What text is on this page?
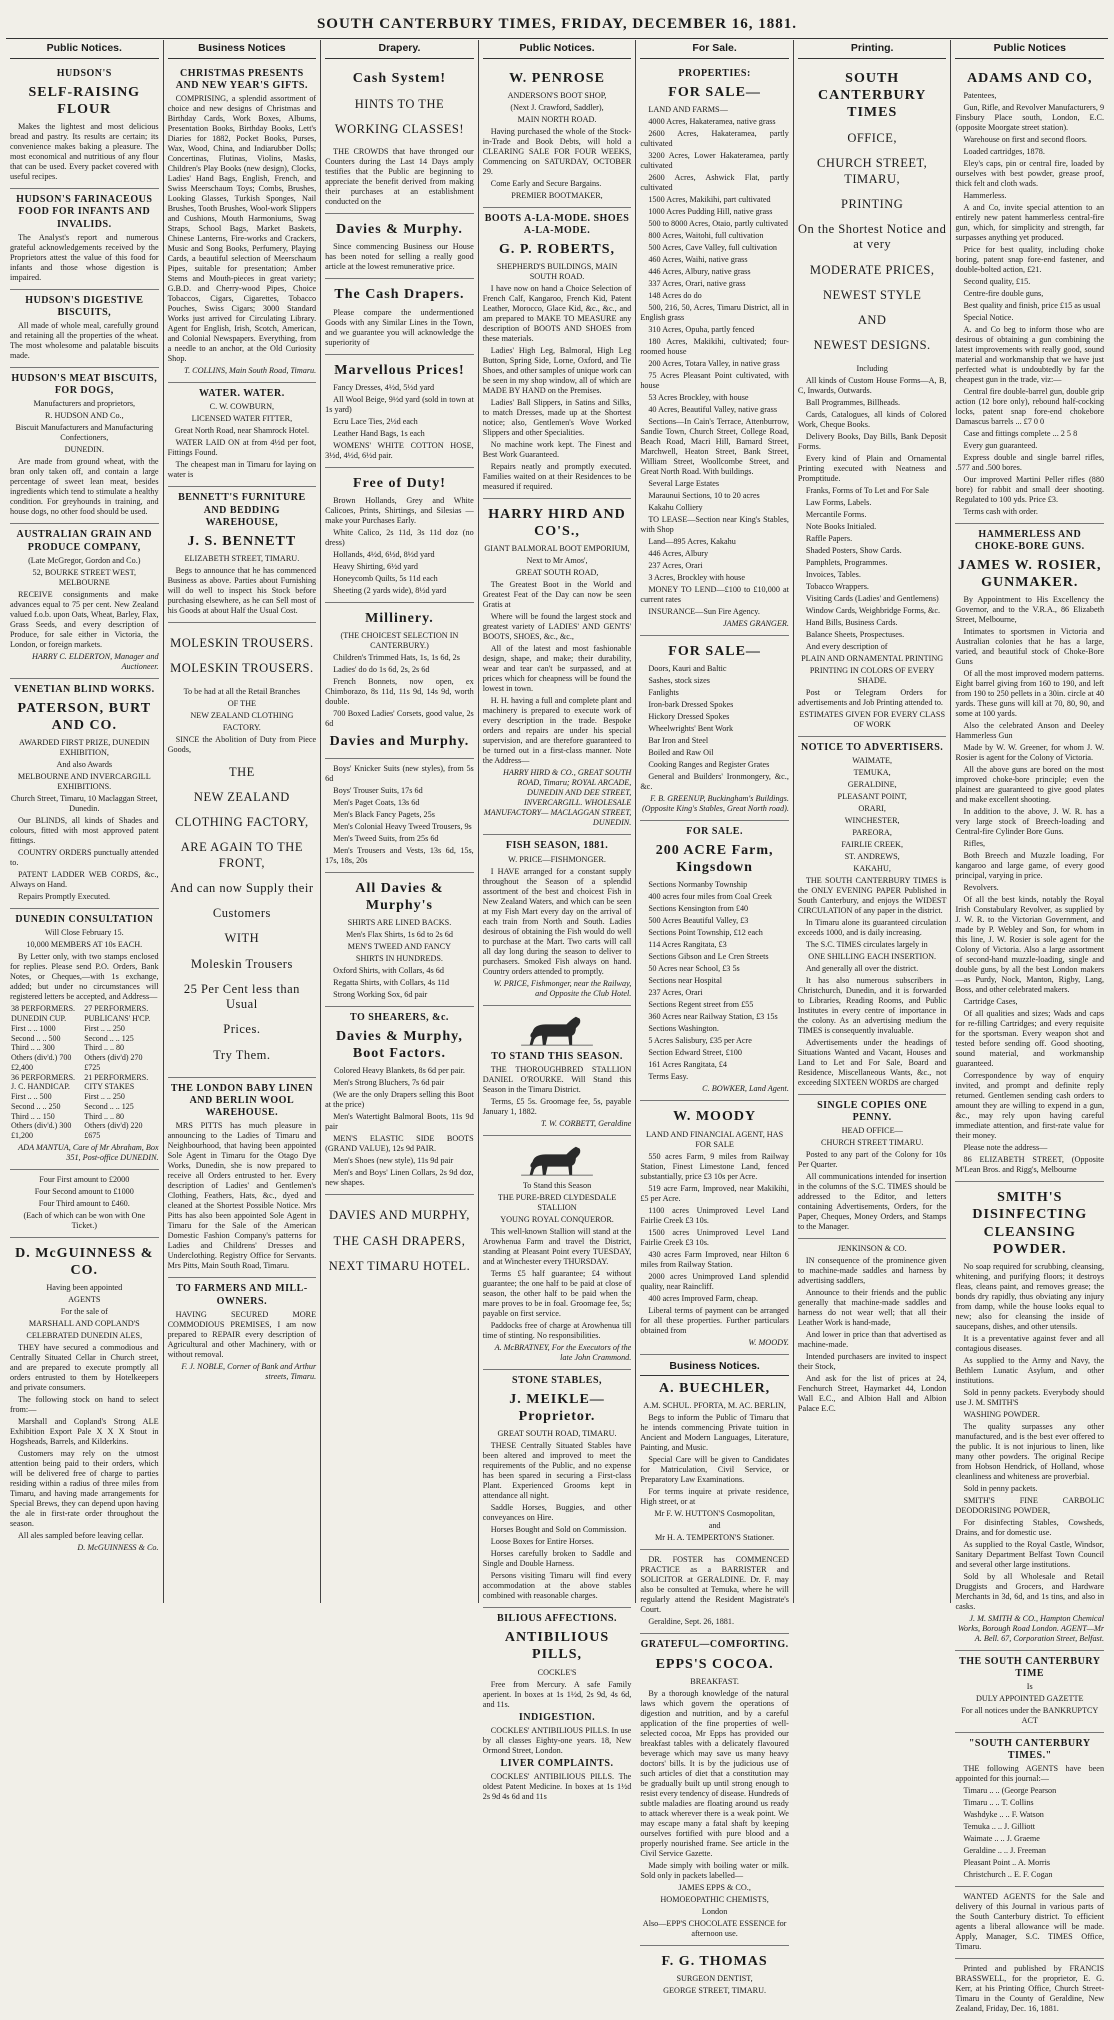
SOUTH CANTERBURY TIMES, FRIDAY, DECEMBER 16, 1881.
Public Notices.
HUDSON'S
SELF-RAISING FLOUR
Makes the lightest and most delicious bread and pastry. Its results are certain; its convenience makes baking a pleasure. The most economical and nutritious of any flour that can be used. Every packet covered with useful recipes.
HUDSON'S FARINACEOUS FOOD FOR INFANTS AND INVALIDS.
The Analyst's report and numerous grateful acknowledgements received by the Proprietors attest the value of this food for infants and those whose digestion is impaired.
HUDSON'S DIGESTIVE BISCUITS,
All made of whole meal, carefully ground and retaining all the properties of the wheat. The most wholesome and palatable biscuits made.
HUDSON'S MEAT BISCUITS, FOR DOGS,
Manufacturers and proprietors,
R. HUDSON AND Co.,
Biscuit Manufacturers and Manufacturing Confectioners,
DUNEDIN.
Are made from ground wheat, with the bran only taken off, and contain a large percentage of sweet lean meat, besides ingredients which tend to stimulate a healthy condition. For greyhounds in training, and house dogs, no other food should be used.
AUSTRALIAN GRAIN AND PRODUCE COMPANY,
(Late McGregor, Gordon and Co.)
52, BOURKE STREET WEST, MELBOURNE
RECEIVE consignments and make advances equal to 75 per cent. New Zealand valued f.o.b. upon Oats, Wheat, Barley, Flax, Grass Seeds, and every description of Produce, for sale either in Victoria, the London, or foreign markets.
HARRY C. ELDERTON, Manager and Auctioneer.
VENETIAN BLIND WORKS.
PATERSON, BURT AND CO.
AWARDED FIRST PRIZE, DUNEDIN EXHIBITION,
And also Awards
MELBOURNE AND INVERCARGILL EXHIBITIONS.
Church Street, Timaru, 10 Maclaggan Street, Dunedin.
Our BLINDS, all kinds of Shades and colours, fitted with most approved patent fittings.
COUNTRY ORDERS punctually attended to.
PATENT LADDER WEB CORDS, &c., Always on Hand.
Repairs Promptly Executed.
DUNEDIN CONSULTATION
Will Close February 15.
10,000 MEMBERS AT 10s EACH.
By Letter only, with two stamps enclosed for replies. Please send P.O. Orders, Bank Notes, or Cheques,—with 1s exchange, added; but under no circumstances will registered letters be accepted, and Address—
38 PERFORMERS.	27 PERFORMERS.
DUNEDIN CUP.	PUBLICANS' H'CP.
First .. .. 1000	First .. .. 250
Second .. .. 500	Second .. .. 125
Third .. .. 300	Third .. .. 80
Others (div'd.) 700	Others (div'd) 270
£2,400	£725
36 PERFORMERS.	21 PERFORMERS.
J. C. HANDICAP.	CITY STAKES
First .. .. 500	First .. .. 250
Second .. .. 250	Second .. .. 125
Third .. .. 150	Third .. .. 80
Others (div'd.) 300	Others (div'd) 220
£1,200	£675
ADA MANTUA, Care of Mr Abraham, Box 351, Post-office DUNEDIN.
Four First amount to £2000
Four Second amount to £1000
Four Third amount to £460.
(Each of which can be won with One Ticket.)
D. McGUINNESS & CO.
Having been appointed
AGENTS
For the sale of
MARSHALL AND COPLAND'S
CELEBRATED DUNEDIN ALES,
THEY have secured a commodious and Centrally Situated Cellar in Church street, and are prepared to execute promptly all orders entrusted to them by Hotelkeepers and private consumers.
The following stock on hand to select from:—
Marshall and Copland's Strong ALE Exhibition Export Pale X X X Stout in Hogsheads, Barrels, and Kilderkins.
Customers may rely on the utmost attention being paid to their orders, which will be delivered free of charge to parties residing within a radius of three miles from Timaru, and having made arrangements for Special Brews, they can depend upon having the ale in first-rate order throughout the season.
All ales sampled before leaving cellar.
D. McGUINNESS & Co.
Business Notices
CHRISTMAS PRESENTS AND NEW YEAR'S GIFTS.
COMPRISING, a splendid assortment of choice and new designs of Christmas and Birthday Cards, Work Boxes, Albums, Presentation Books, Birthday Books, Lett's Diaries for 1882, Pocket Books, Purses, Wax, Wood, China, and Indiarubber Dolls; Concertinas, Flutinas, Violins, Masks, Children's Play Books (new design), Clocks, Ladies' Hand Bags, English, French, and Swiss Meerschaum Toys; Combs, Brushes, Looking Glasses, Turkish Sponges, Nail Brushes, Tooth Brushes, Wool-work Slippers and Cushions, Mouth Harmoniums, Swag Straps, School Bags, Market Baskets, Chinese Lanterns, Fire-works and Crackers, Music and Song Books, Perfumery, Playing Cards, a beautiful selection of Meerschaum Pipes, suitable for presentation; Amber Stems and Mouth-pieces in great variety; G.B.D. and Cherry-wood Pipes, Choice Tobaccos, Cigars, Cigarettes, Tobacco Pouches, Swiss Cigars; 3000 Standard Works just arrived for Circulating Library. Agent for English, Irish, Scotch, American, and Colonial Newspapers. Everything, from a needle to an anchor, at the Old Curiosity Shop.
T. COLLINS, Main South Road, Timaru.
WATER. WATER.
C. W. COWBURN,
LICENSED WATER FITTER,
Great North Road, near Shamrock Hotel.
WATER LAID ON at from 4½d per foot, Fittings Found.
The cheapest man in Timaru for laying on water is
BENNETT'S FURNITURE AND BEDDING WAREHOUSE,
J. S. BENNETT
ELIZABETH STREET, TIMARU.
Begs to announce that he has commenced Business as above. Parties about Furnishing will do well to inspect his Stock before purchasing elsewhere, as he can Sell most of his Goods at about Half the Usual Cost.
MOLESKIN TROUSERS.
MOLESKIN TROUSERS.
To be had at all the Retail Branches
OF THE
NEW ZEALAND CLOTHING
FACTORY.
SINCE the Abolition of Duty from Piece Goods,
THE
NEW ZEALAND
CLOTHING FACTORY,
ARE AGAIN TO THE FRONT,
And can now Supply their
Customers
WITH
Moleskin Trousers
25 Per Cent less than Usual
Prices.
Try Them.
THE LONDON BABY LINEN AND BERLIN WOOL WAREHOUSE.
MRS PITTS has much pleasure in announcing to the Ladies of Timaru and Neighbourhood, that having been appointed Sole Agent in Timaru for the Otago Dye Works, Dunedin, she is now prepared to receive all Orders entrusted to her. Every description of Ladies' and Gentlemen's Clothing, Feathers, Hats, &c., dyed and cleaned at the Shortest Possible Notice. Mrs Pitts has also been appointed Sole Agent in Timaru for the Sale of the American Domestic Fashion Company's patterns for Ladies and Childrens' Dresses and Underclothing. Registry Office for Servants. Mrs Pitts, Main South Road, Timaru.
TO FARMERS AND MILL-OWNERS.
HAVING SECURED MORE COMMODIOUS PREMISES, I am now prepared to REPAIR every description of Agricultural and other Machinery, with or without removal.
F. J. NOBLE, Corner of Bank and Arthur streets, Timaru.
Drapery.
Cash System!
HINTS TO THE
WORKING CLASSES!
THE CROWDS that have thronged our Counters during the Last 14 Days amply testifies that the Public are beginning to appreciate the benefit derived from making their purchases at an establishment conducted on the
Davies & Murphy.
Since commencing Business our House has been noted for selling a really good article at the lowest remunerative price.
The Cash Drapers.
Please compare the undermentioned Goods with any Similar Lines in the Town, and we guarantee you will acknowledge the superiority of
Marvellous Prices!
Fancy Dresses, 4½d, 5½d yard
All Wool Beige, 9½d yard (sold in town at 1s yard)
Ecru Lace Ties, 2½d each
Leather Hand Bags, 1s each
WOMENS' WHITE COTTON HOSE, 3½d, 4½d, 6½d pair.
Free of Duty!
Brown Hollands, Grey and White Calicoes, Prints, Shirtings, and Silesias — make your Purchases Early.
White Calico, 2s 11d, 3s 11d doz (no dress)
Hollands, 4½d, 6½d, 8½d yard
Heavy Shirting, 6½d yard
Honeycomb Quilts, 5s 11d each
Sheeting (2 yards wide), 8½d yard
Millinery.
(THE CHOICEST SELECTION IN CANTERBURY.)
Children's Trimmed Hats, 1s, 1s 6d, 2s
Ladies' do do 1s 6d, 2s, 2s 6d
French Bonnets, now open, ex Chimborazo, 8s 11d, 11s 9d, 14s 9d, worth double.
700 Boxed Ladies' Corsets, good value, 2s 6d
Davies and Murphy.
Boys' Knicker Suits (new styles), from 5s 6d
Boys' Trouser Suits, 17s 6d
Men's Paget Coats, 13s 6d
Men's Black Fancy Pagets, 25s
Men's Colonial Heavy Tweed Trousers, 9s
Men's Tweed Suits, from 25s 6d
Men's Trousers and Vests, 13s 6d, 15s, 17s, 18s, 20s
All Davies & Murphy's
SHIRTS ARE LINED BACKS.
Men's Flax Shirts, 1s 6d to 2s 6d
MEN'S TWEED AND FANCY
SHIRTS IN HUNDREDS.
Oxford Shirts, with Collars, 4s 6d
Regatta Shirts, with Collars, 4s 11d
Strong Working Sox, 6d pair
TO SHEARERS, &c.
Davies & Murphy, Boot Factors.
Colored Heavy Blankets, 8s 6d per pair.
Men's Strong Bluchers, 7s 6d pair
(We are the only Drapers selling this Boot at the price)
Men's Watertight Balmoral Boots, 11s 9d pair
MEN'S ELASTIC SIDE BOOTS (GRAND VALUE), 12s 9d PAIR.
Men's Shoes (new style), 11s 9d pair
Men's and Boys' Linen Collars, 2s 9d doz, new shapes.
DAVIES AND MURPHY,
THE CASH DRAPERS,
NEXT TIMARU HOTEL.
Public Notices.
W. PENROSE
ANDERSON'S BOOT SHOP,
(Next J. Crawford, Saddler),
MAIN NORTH ROAD.
Having purchased the whole of the Stock-in-Trade and Book Debts, will hold a CLEARING SALE FOR FOUR WEEKS, Commencing on SATURDAY, OCTOBER 29.
Come Early and Secure Bargains.
PREMIER BOOTMAKER,
BOOTS A-LA-MODE. SHOES A-LA-MODE.
G. P. ROBERTS,
SHEPHERD'S BUILDINGS, MAIN SOUTH ROAD.
I have now on hand a Choice Selection of French Calf, Kangaroo, French Kid, Patent Leather, Morocco, Glace Kid, &c., &c., and am prepared to MAKE TO MEASURE any description of BOOTS AND SHOES from these materials.
Ladies' High Leg, Balmoral, High Leg Button, Spring Side, Lorne, Oxford, and Tie Shoes, and other samples of unique work can be seen in my shop window, all of which are MADE BY HAND on the Premises.
Ladies' Ball Slippers, in Satins and Silks, to match Dresses, made up at the Shortest notice; also, Gentlemen's Wove Worked Slippers and other Specialities.
No machine work kept. The Finest and Best Work Guaranteed.
Repairs neatly and promptly executed. Families waited on at their Residences to be measured if required.
HARRY HIRD AND CO'S.,
GIANT BALMORAL BOOT EMPORIUM,
Next to Mr Amos',
GREAT SOUTH ROAD,
The Greatest Boot in the World and Greatest Feat of the Day can now be seen Gratis at
Where will be found the largest stock and greatest variety of LADIES' AND GENTS' BOOTS, SHOES, &c., &c.,
All of the latest and most fashionable design, shape, and make; their durability, wear and tear can't be surpassed, and at prices which for cheapness will be found the lowest in town.
H. H. having a full and complete plant and machinery is prepared to execute work of every description in the trade. Bespoke orders and repairs are under his special supervision, and are therefore guaranteed to be turned out in a first-class manner. Note the Address—
HARRY HIRD & CO., GREAT SOUTH ROAD, Timaru; ROYAL ARCADE, DUNEDIN AND DEE STREET, INVERCARGILL. WHOLESALE MANUFACTORY— MACLAGGAN STREET, DUNEDIN.
FISH SEASON, 1881.
W. PRICE—FISHMONGER.
I HAVE arranged for a constant supply throughout the Season of a splendid assortment of the best and choicest Fish in New Zealand Waters, and which can be seen at my Fish Mart every day on the arrival of each train from North and South. Ladies desirous of obtaining the Fish would do well to purchase at the Mart. Two carts will call all day long during the season to deliver to purchasers. Smoked Fish always on hand. Country orders attended to promptly.
W. PRICE, Fishmonger, near the Railway, and Opposite the Club Hotel.
TO STAND THIS SEASON.
THE THOROUGHBRED STALLION DANIEL O'ROURKE. Will Stand this Season in the Timaru District.
Terms, £5 5s. Groomage fee, 5s, payable January 1, 1882.
T. W. CORBETT, Geraldine
To Stand this Season
THE PURE-BRED CLYDESDALE STALLION
YOUNG ROYAL CONQUEROR.
This well-known Stallion will stand at the Arowhenua Farm and travel the District, standing at Pleasant Point every TUESDAY, and at Winchester every THURSDAY.
Terms £5 half guarantee; £4 without guarantee; the one half to be paid at close of season, the other half to be paid when the mare proves to be in foal. Groomage fee, 5s; payable on first service.
Paddocks free of charge at Arowhenua till time of stinting. No responsibilities.
A. McBRATNEY, For the Executors of the late John Crammond.
STONE STABLES,
J. MEIKLE—Proprietor.
GREAT SOUTH ROAD, TIMARU.
THESE Centrally Situated Stables have been altered and improved to meet the requirements of the Public, and no expense has been spared in securing a First-class Plant. Experienced Grooms kept in attendance all night.
Saddle Horses, Buggies, and other conveyances on Hire.
Horses Bought and Sold on Commission.
Loose Boxes for Entire Horses.
Horses carefully broken to Saddle and Single and Double Harness.
Persons visiting Timaru will find every accommodation at the above stables combined with reasonable charges.
BILIOUS AFFECTIONS.
ANTIBILIOUS PILLS,
COCKLE'S
Free from Mercury. A safe Family aperient. In boxes at 1s 1½d, 2s 9d, 4s 6d, and 11s.
INDIGESTION.
COCKLES' ANTIBILIOUS PILLS. In use by all classes Eighty-one years. 18, New Ormond Street, London.
LIVER COMPLAINTS.
COCKLES' ANTIBILIOUS PILLS. The oldest Patent Medicine. In boxes at 1s 1½d 2s 9d 4s 6d and 11s
For Sale.
PROPERTIES:
FOR SALE—
LAND AND FARMS—
4000 Acres, Hakateramea, native grass
2600 Acres, Hakateramea, partly cultivated
3200 Acres, Lower Hakateramea, partly cultivated
2600 Acres, Ashwick Flat, partly cultivated
1500 Acres, Makikihi, part cultivated
1000 Acres Pudding Hill, native grass
500 to 8000 Acres, Otaio, partly cultivated
800 Acres, Waitohi, full cultivation
500 Acres, Cave Valley, full cultivation
460 Acres, Waihi, native grass
446 Acres, Albury, native grass
337 Acres, Orari, native grass
148 Acres do do
500, 216, 50, Acres, Timaru District, all in English grass
310 Acres, Opuha, partly fenced
180 Acres, Makikihi, cultivated; four-roomed house
200 Acres, Totara Valley, in native grass
75 Acres Pleasant Point cultivated, with house
53 Acres Brockley, with house
40 Acres, Beautiful Valley, native grass
Sections—In Cain's Terrace, Attenburrow, Sandie Town, Church Street, College Road, Beach Road, Macri Hill, Barnard Street, Marchwell, Heaton Street, Bank Street, William Street, Woollcombe Street, and Great North Road. With buildings.
Several Large Estates
Maraunui Sections, 10 to 20 acres
Kakahu Colliery
TO LEASE—Section near King's Stables, with Shop
Land—895 Acres, Kakahu
446 Acres, Albury
237 Acres, Orari
3 Acres, Brockley with house
MONEY TO LEND—£100 to £10,000 at current rates
INSURANCE—Sun Fire Agency.
JAMES GRANGER.
FOR SALE—
Doors, Kauri and Baltic
Sashes, stock sizes
Fanlights
Iron-bark Dressed Spokes
Hickory Dressed Spokes
Wheelwrights' Bent Work
Bar Iron and Steel
Boiled and Raw Oil
Cooking Ranges and Register Grates
General and Builders' Ironmongery, &c., &c.
F. B. GREENUP, Buckingham's Buildings. (Opposite King's Stables, Great North road).
FOR SALE.
200 ACRE Farm, Kingsdown
Sections Normanby Township
400 acres four miles from Coal Creek
Sections Kensington from £40
500 Acres Beautiful Valley, £3
Sections Point Township, £12 each
114 Acres Rangitata, £3
Sections Gibson and Le Cren Streets
50 Acres near School, £3 5s
Sections near Hospital
237 Acres, Orari
Sections Regent street from £55
360 Acres near Railway Station, £3 15s
Sections Washington.
5 Acres Salisbury, £35 per Acre
Section Edward Street, £100
161 Acres Rangitata, £4
Terms Easy.
C. BOWKER, Land Agent.
W. MOODY
LAND AND FINANCIAL AGENT, HAS FOR SALE
550 acres Farm, 9 miles from Railway Station, Finest Limestone Land, fenced substantially, price £3 10s per Acre.
519 acre Farm, Improved, near Makikihi, £5 per Acre.
1100 acres Unimproved Level Land Fairlie Creek £3 10s.
1500 acres Unimproved Level Land Fairlie Creek £3 10s.
430 acres Farm Improved, near Hilton 6 miles from Railway Station.
2000 acres Unimproved Land splendid quality, near Raincliff.
400 acres Improved Farm, cheap.
Liberal terms of payment can be arranged for all these properties. Further particulars obtained from
W. MOODY.
Business Notices.
A. BUECHLER,
A.M. SCHUL. PFORTA, M. AC. BERLIN,
Begs to inform the Public of Timaru that he intends commencing Private tuition in Ancient and Modern Languages, Literature, Painting, and Music.
Special Care will be given to Candidates for Matriculation, Civil Service, or Preparatory Law Examinations.
For terms inquire at private residence, High street, or at
Mr F. W. HUTTON'S Cosmopolitan,
and
Mr H. A. TEMPERTON'S Stationer.
DR. FOSTER has COMMENCED PRACTICE as a BARRISTER and SOLICITOR at GERALDINE. Dr. F. may also be consulted at Temuka, where he will regularly attend the Resident Magistrate's Court.
Geraldine, Sept. 26, 1881.
GRATEFUL—COMFORTING.
EPPS'S COCOA.
BREAKFAST.
By a thorough knowledge of the natural laws which govern the operations of digestion and nutrition, and by a careful application of the fine properties of well-selected cocoa, Mr Epps has provided our breakfast tables with a delicately flavoured beverage which may save us many heavy doctors' bills. It is by the judicious use of such articles of diet that a constitution may be gradually built up until strong enough to resist every tendency of disease. Hundreds of subtle maladies are floating around us ready to attack wherever there is a weak point. We may escape many a fatal shaft by keeping ourselves fortified with pure blood and a properly nourished frame. See article in the Civil Service Gazette.
Made simply with boiling water or milk. Sold only in packets labelled—
JAMES EPPS & CO.,
HOMOEOPATHIC CHEMISTS,
London
Also—EPP'S CHOCOLATE ESSENCE for afternoon use.
F. G. THOMAS
SURGEON DENTIST,
GEORGE STREET, TIMARU.
Printing.
SOUTH CANTERBURY TIMES
OFFICE,
CHURCH STREET, TIMARU,
PRINTING
On the Shortest Notice and at very
MODERATE PRICES,
NEWEST STYLE
AND
NEWEST DESIGNS.
Including
All kinds of Custom House Forms—A, B, C, Inwards, Outwards.
Ball Programmes, Billheads.
Cards, Catalogues, all kinds of Colored Work, Cheque Books.
Delivery Books, Day Bills, Bank Deposit Forms.
Every kind of Plain and Ornamental Printing executed with Neatness and Promptitude.
Franks, Forms of To Let and For Sale
Law Forms, Labels.
Mercantile Forms.
Note Books Initialed.
Raffle Papers.
Shaded Posters, Show Cards.
Pamphlets, Programmes.
Invoices, Tables.
Tobacco Wrappers.
Visiting Cards (Ladies' and Gentlemens)
Window Cards, Weighbridge Forms, &c.
Hand Bills, Business Cards.
Balance Sheets, Prospectuses.
And every description of
PLAIN AND ORNAMENTAL PRINTING
PRINTING IN COLORS OF EVERY SHADE.
Post or Telegram Orders for advertisements and Job Printing attended to.
ESTIMATES GIVEN FOR EVERY CLASS OF WORK
NOTICE TO ADVERTISERS.
WAIMATE,
TEMUKA,
GERALDINE,
PLEASANT POINT,
ORARI,
WINCHESTER,
PAREORA,
FAIRLIE CREEK,
ST. ANDREWS,
KAKAHU,
THE SOUTH CANTERBURY TIMES is the ONLY EVENING PAPER Published in South Canterbury, and enjoys the WIDEST CIRCULATION of any paper in the district.
In Timaru alone its guaranteed circulation exceeds 1000, and is daily increasing.
The S.C. TIMES circulates largely in
ONE SHILLING EACH INSERTION.
And generally all over the district.
It has also numerous subscribers in Christchurch, Dunedin, and it is forwarded to Libraries, Reading Rooms, and Public Institutes in every centre of importance in the colony. As an advertising medium the TIMES is consequently invaluable.
Advertisements under the headings of Situations Wanted and Vacant, Houses and Land to Let and For Sale, Board and Residence, Miscellaneous Wants, &c., not exceeding SIXTEEN WORDS are charged
SINGLE COPIES ONE PENNY.
HEAD OFFICE—
CHURCH STREET TIMARU.
Posted to any part of the Colony for 10s Per Quarter.
All communications intended for insertion in the columns of the S.C. TIMES should be addressed to the Editor, and letters containing Advertisements, Orders, for the Paper, Cheques, Money Orders, and Stamps to the Manager.
JENKINSON & CO.
IN consequence of the prominence given to machine-made saddles and harness by advertising saddlers,
Announce to their friends and the public generally that machine-made saddles and harness do not wear well; that all their Leather Work is hand-made,
And lower in price than that advertised as machine-made.
Intended purchasers are invited to inspect their Stock,
And ask for the list of prices at 24, Fenchurch Street, Haymarket 44, London Wall E.C., and Albion Hall and Albion Palace E.C.
Public Notices
ADAMS AND CO,
Patentees,
Gun, Rifle, and Revolver Manufacturers, 9 Finsbury Place south, London, E.C. (opposite Moorgate street station).
Warehouse on first and second floors.
Loaded cartridges, 1878.
Eley's caps, pin or central fire, loaded by ourselves with best powder, grease proof, thick felt and cloth wads.
Hammerless.
A and Co, invite special attention to an entirely new patent hammerless central-fire gun, which, for simplicity and strength, far surpasses anything yet produced.
Price for best quality, including choke boring, patent snap fore-end fastener, and double-bolted action, £21.
Second quality, £15.
Centre-fire double guns,
Best quality and finish, price £15 as usual
Special Notice.
A. and Co beg to inform those who are desirous of obtaining a gun combining the latest improvements with really good, sound material and workmanship that we have just perfected what is undoubtedly by far the cheapest gun in the trade, viz:—
Central fire double-barrel gun, double grip action (12 bore only), rebound half-cocking locks, patent snap fore-end chokebore Damascus barrels ... £7 0 0
Case and fittings complete ... 2 5 8
Every gun guaranteed.
Express double and single barrel rifles, .577 and .500 bores.
Our improved Martini Peller rifles (880 bore) for rabbit and small deer shooting. Regulated to 100 yds. Price £3.
Terms cash with order.
HAMMERLESS AND CHOKE-BORE GUNS.
JAMES W. ROSIER, GUNMAKER.
By Appointment to His Excellency the Governor, and to the V.R.A., 86 Elizabeth Street, Melbourne,
Intimates to sportsmen in Victoria and Australian colonies that he has a large, varied, and beautiful stock of Choke-Bore Guns
Of all the most improved modern patterns. Eight barrel giving from 160 to 190, and left from 190 to 250 pellets in a 30in. circle at 40 yards. These guns will kill at 70, 80, 90, and some at 100 yards.
Also the celebrated Anson and Deeley Hammerless Gun
Made by W. W. Greener, for whom J. W. Rosier is agent for the Colony of Victoria.
All the above guns are bored on the most improved choke-bore principle; even the plainest are guaranteed to give good plates and make excellent shooting.
In addition to the above, J. W. R. has a very large stock of Breech-loading and Central-fire Cylinder Bore Guns.
Rifles,
Both Breech and Muzzle loading, For kangaroo and large game, of every good principal, varying in price.
Revolvers.
Of all the best kinds, notably the Royal Irish Constabulary Revolver, as supplied by J. W. R. to the Victorian Government, and made by P. Webley and Son, for whom in this line, J. W. Rosier is sole agent for the Colony of Victoria. Also a large assortment of second-hand muzzle-loading, single and double guns, by all the best London makers—as Purdy, Nock, Manton, Rigby, Lang, Boss, and other celebrated makers.
Cartridge Cases,
Of all qualities and sizes; Wads and caps for re-filling Cartridges; and every requisite for the sportsman. Every weapon shot and tested before sending off. Good shooting, sound material, and workmanship guaranteed.
Correspondence by way of enquiry invited, and prompt and definite reply returned. Gentlemen sending cash orders to amount they are willing to expend in a gun, &c., may rely upon having careful immediate attention, and first-rate value for their money.
Please note the address—
86 ELIZABETH STREET, (Opposite M'Lean Bros. and Rigg's, Melbourne
SMITH'S DISINFECTING CLEANSING POWDER.
No soap required for scrubbing, cleansing, whitening, and purifying floors; it destroys fleas, cleans paint, and removes grease; the bonds dry rapidly, thus obviating any injury from damp, while the house looks equal to new; also for cleansing the inside of saucepans, dishes, and other utensils.
It is a preventative against fever and all contagious diseases.
As supplied to the Army and Navy, the Bethlem Lunatic Asylum, and other institutions.
Sold in penny packets. Everybody should use J. M. SMITH'S
WASHING POWDER.
The quality surpasses any other manufactured, and is the best ever offered to the public. It is not injurious to linen, like many other powders. The original Recipe from Hobson Hendrick, of Holland, whose cleanliness and whiteness are proverbial.
Sold in penny packets.
SMITH'S FINE CARBOLIC DEODORISING POWDER,
For disinfecting Stables, Cowsheds, Drains, and for domestic use.
As supplied to the Royal Castle, Windsor, Sanitary Department Belfast Town Council and several other large institutions.
Sold by all Wholesale and Retail Druggists and Grocers, and Hardware Merchants in 3d, 6d, and 1s tins, and also in casks.
J. M. SMITH & CO., Hampton Chemical Works, Borough Road London. AGENT—Mr A. Bell. 67, Corporation Street, Belfast.
THE SOUTH CANTERBURY TIME
Is
DULY APPOINTED GAZETTE
For all notices under the BANKRUPTCY ACT
"SOUTH CANTERBURY TIMES."
THE following AGENTS have been appointed for this journal:—
Timaru .. .. (George Pearson
Timaru .. .. T. Collins
Washdyke .. .. F. Watson
Temuka .. .. J. Gilliott
Waimate .. .. J. Graeme
Geraldine .. .. J. Freeman
Pleasant Point .. A. Morris
Christchurch .. E. F. Cogan
WANTED AGENTS for the Sale and delivery of this Journal in various parts of the South Canterbury district. To efficient agents a liberal allowance will be made. Apply, Manager, S.C. TIMES Office, Timaru.
Printed and published by FRANCIS BRASSWELL, for the proprietor, E. G. Kerr, at his Printing Office, Church Street-Timaru in the County of Geraldine, New Zealand, Friday, Dec. 16, 1881.
